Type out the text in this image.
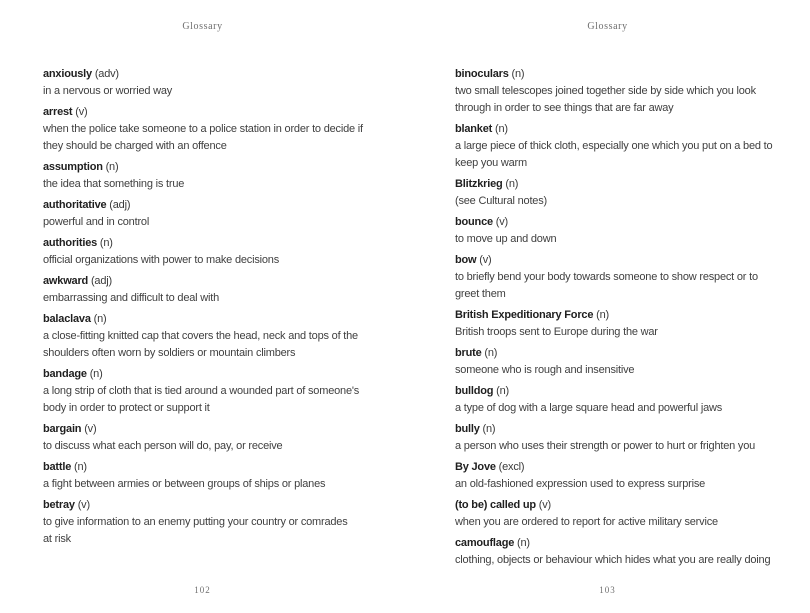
Glossary
anxiously (adv)
in a nervous or worried way
arrest (v)
when the police take someone to a police station in order to decide if
they should be charged with an offence
assumption (n)
the idea that something is true
authoritative (adj)
powerful and in control
authorities (n)
official organizations with power to make decisions
awkward (adj)
embarrassing and difficult to deal with
balaclava (n)
a close-fitting knitted cap that covers the head, neck and tops of the
shoulders often worn by soldiers or mountain climbers
bandage (n)
a long strip of cloth that is tied around a wounded part of someone's
body in order to protect or support it
bargain (v)
to discuss what each person will do, pay, or receive
battle (n)
a fight between armies or between groups of ships or planes
betray (v)
to give information to an enemy putting your country or comrades
at risk
102
Glossary
binoculars (n)
two small telescopes joined together side by side which you look
through in order to see things that are far away
blanket (n)
a large piece of thick cloth, especially one which you put on a bed to
keep you warm
Blitzkrieg (n)
(see Cultural notes)
bounce (v)
to move up and down
bow (v)
to briefly bend your body towards someone to show respect or to
greet them
British Expeditionary Force (n)
British troops sent to Europe during the war
brute (n)
someone who is rough and insensitive
bulldog (n)
a type of dog with a large square head and powerful jaws
bully (n)
a person who uses their strength or power to hurt or frighten you
By Jove (excl)
an old-fashioned expression used to express surprise
(to be) called up (v)
when you are ordered to report for active military service
camouflage (n)
clothing, objects or behaviour which hides what you are really doing
103
